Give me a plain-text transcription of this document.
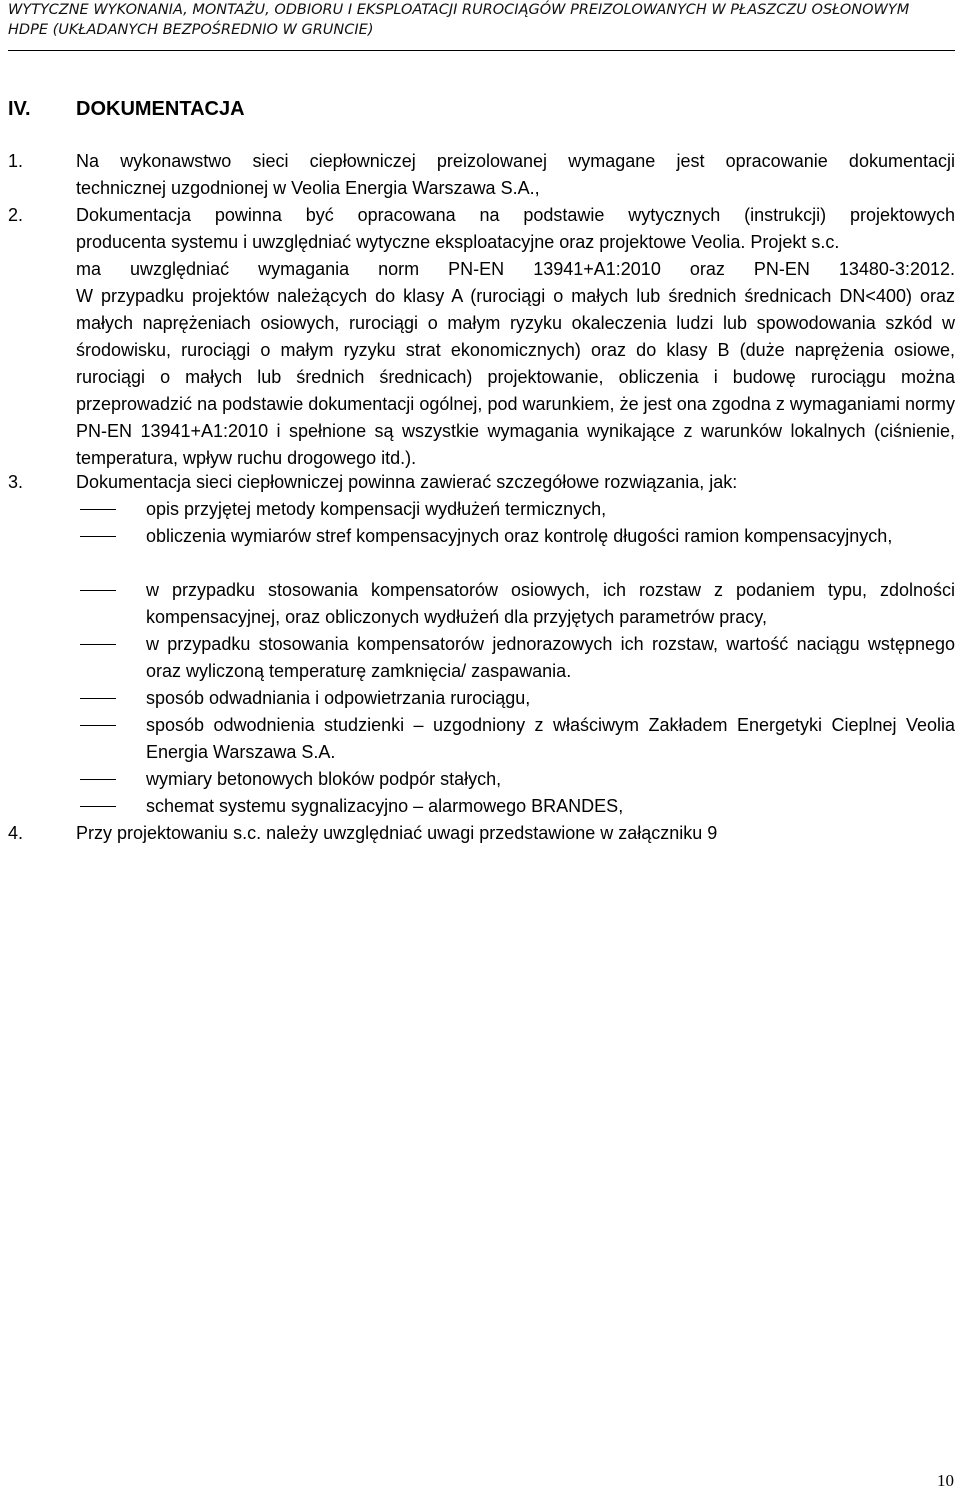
WYTYCZNE WYKONANIA, MONTAŻU, ODBIORU I EKSPLOATACJI RUROCIĄGÓW PREIZOLOWANYCH W PŁASZCZU OSŁONOWYM
HDPE (UKŁADANYCH BEZPOŚREDNIO W GRUNCIE)
IV. DOKUMENTACJA
1.	Na wykonawstwo sieci ciepłowniczej preizolowanej wymagane jest opracowanie dokumentacji
technicznej uzgodnionej w Veolia Energia Warszawa S.A.,
2.	Dokumentacja powinna być opracowana na podstawie wytycznych (instrukcji) projektowych
producenta systemu i uwzględniać wytyczne eksploatacyjne oraz projektowe Veolia. Projekt s.c.
ma uwzględniać wymagania norm PN-EN 13941+A1:2010 oraz PN-EN 13480-3:2012.
W przypadku projektów należących do klasy A (rurociągi o małych lub średnich średnicach DN<400) oraz małych naprężeniach osiowych, rurociągi o małym ryzyku okaleczenia ludzi lub spowodowania szkód w środowisku, rurociągi o małym ryzyku strat ekonomicznych) oraz do klasy B (duże naprężenia osiowe, rurociągi o małych lub średnich średnicach) projektowanie, obliczenia i budowę rurociągu można przeprowadzić na podstawie dokumentacji ogólnej, pod warunkiem, że jest ona zgodna z wymaganiami normy PN-EN 13941+A1:2010 i spełnione są wszystkie wymagania wynikające z warunków lokalnych (ciśnienie, temperatura, wpływ ruchu drogowego itd.).
3.	Dokumentacja sieci ciepłowniczej powinna zawierać szczegółowe rozwiązania, jak:
opis przyjętej metody kompensacji wydłużeń termicznych,
obliczenia wymiarów stref kompensacyjnych oraz kontrolę długości ramion kompensacyjnych,
w przypadku stosowania kompensatorów osiowych, ich rozstaw z podaniem typu, zdolności kompensacyjnej, oraz obliczonych wydłużeń dla przyjętych parametrów pracy,
w przypadku stosowania kompensatorów jednorazowych ich rozstaw, wartość naciągu wstępnego oraz wyliczoną temperaturę zamknięcia/ zaspawania.
sposób odwadniania i odpowietrzania rurociągu,
sposób odwodnienia studzienki – uzgodniony z właściwym Zakładem Energetyki Cieplnej Veolia Energia Warszawa S.A.
wymiary betonowych bloków podpór stałych,
schemat systemu sygnalizacyjno – alarmowego BRANDES,
4.	Przy projektowaniu s.c. należy uwzględniać uwagi przedstawione w załączniku 9
10
